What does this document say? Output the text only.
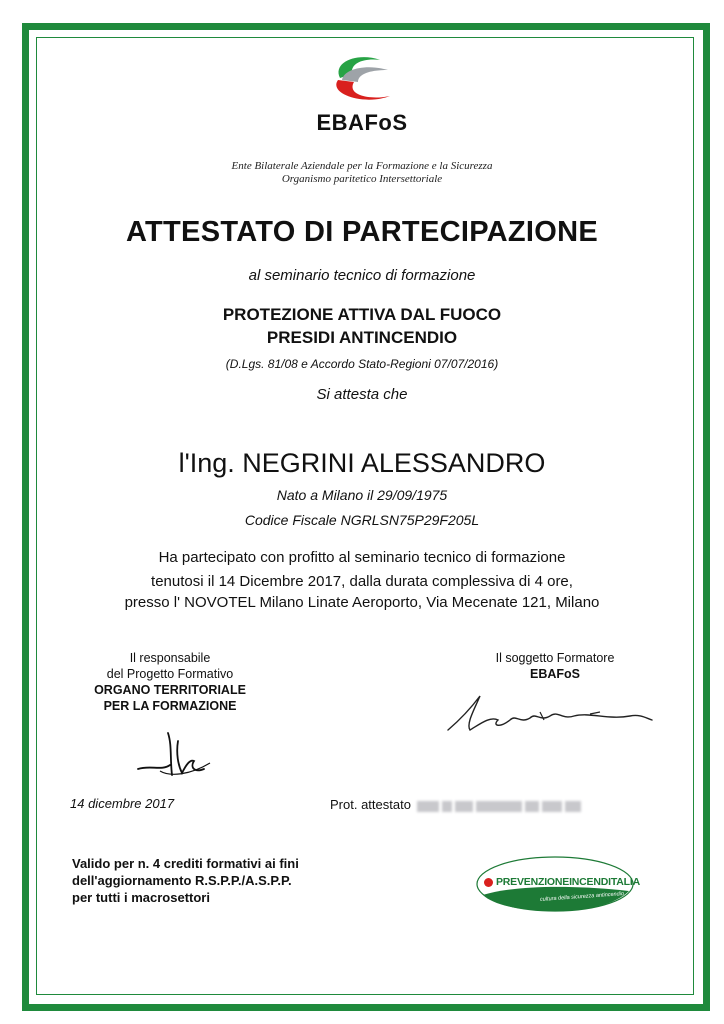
EBAFoS
Ente Bilaterale Aziendale per la Formazione e la Sicurezza
Organismo paritetico Intersettoriale
ATTESTATO DI PARTECIPAZIONE
al seminario tecnico di formazione
PROTEZIONE ATTIVA DAL FUOCO
PRESIDI ANTINCENDIO
(D.Lgs. 81/08 e Accordo Stato-Regioni 07/07/2016)
Si attesta che
l'Ing. NEGRINI ALESSANDRO
Nato a Milano il 29/09/1975
Codice Fiscale NGRLSN75P29F205L
Ha partecipato con profitto al seminario tecnico di formazione
tenutosi il 14 Dicembre 2017, dalla durata complessiva di 4 ore,
presso l' NOVOTEL Milano Linate Aeroporto, Via Mecenate 121, Milano
Il responsabile
del Progetto Formativo
ORGANO TERRITORIALE
PER LA FORMAZIONE
Il soggetto Formatore
EBAFoS
14 dicembre 2017	Prot. attestato
Valido per n. 4 crediti formativi ai fini
dell'aggiornamento R.S.P.P./A.S.P.P.
per tutti i macrosettori
PREVENZIONEINCENDITALIA
cultura della sicurezza antincendio
